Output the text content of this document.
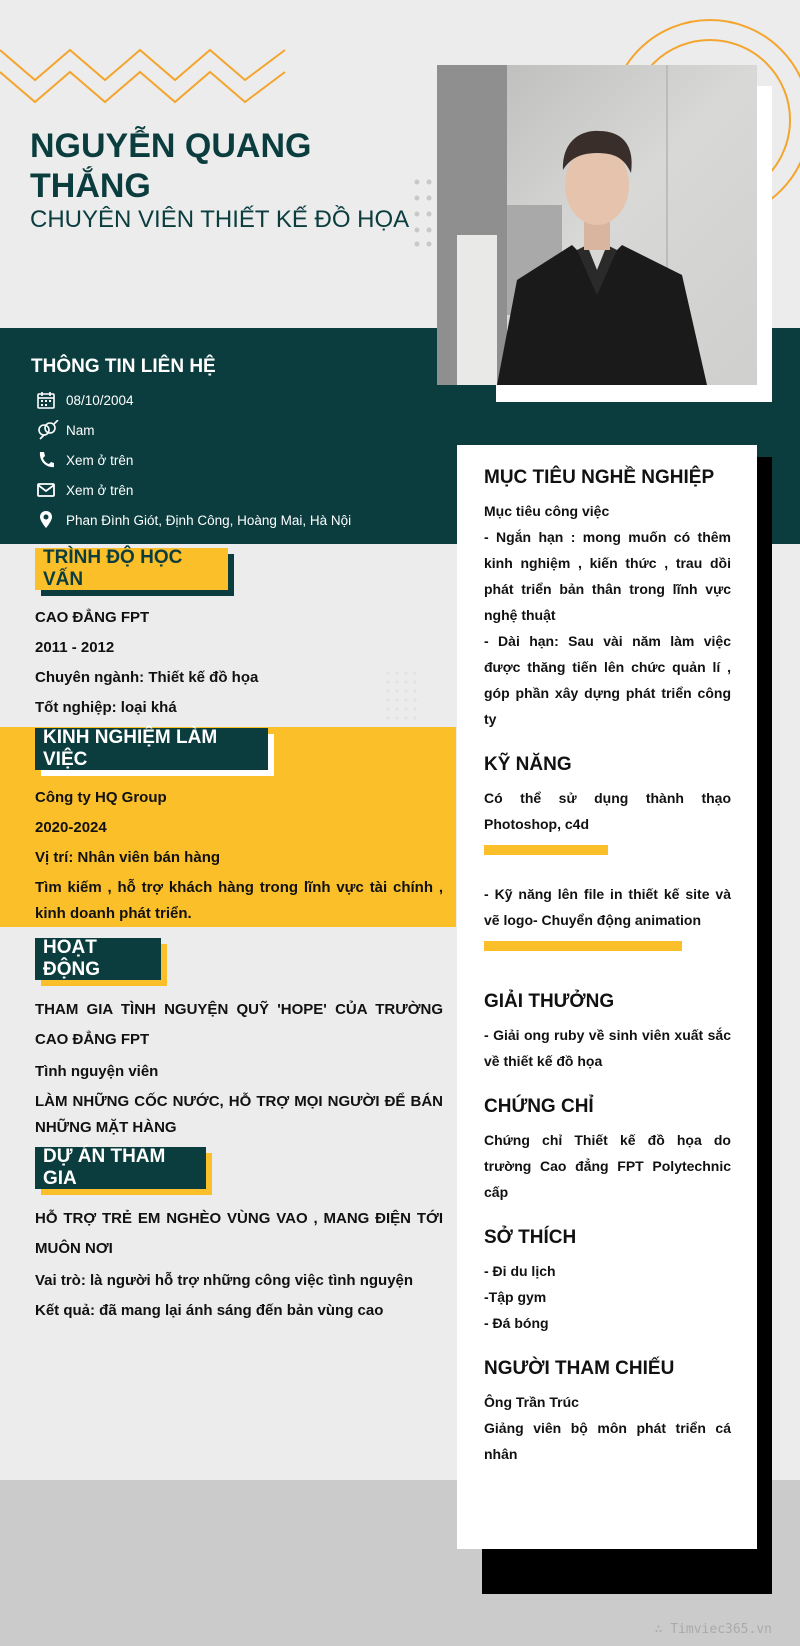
NGUYỄN QUANG THẮNG
CHUYÊN VIÊN THIẾT KẾ ĐỒ HỌA
THÔNG TIN LIÊN HỆ
08/10/2004
Nam
Xem ở trên
Xem ở trên
Phan Đình Giót, Định Công, Hoàng Mai, Hà Nội
TRÌNH ĐỘ HỌC VẤN
CAO ĐẲNG FPT
2011 - 2012
Chuyên ngành: Thiết kế đồ họa
Tốt nghiệp: loại khá
KINH NGHIỆM LÀM VIỆC
Công ty HQ Group
2020-2024
Vị trí: Nhân viên bán hàng
Tìm kiếm , hỗ trợ khách hàng trong lĩnh vực tài chính , kinh doanh phát triển.
HOẠT ĐỘNG
THAM GIA TÌNH NGUYỆN QUỸ 'HOPE' CỦA TRƯỜNG CAO ĐẲNG FPT
Tình nguyện viên
LÀM NHỮNG CỐC NƯỚC, HỖ TRỢ MỌI NGƯỜI ĐỂ BÁN NHỮNG MẶT HÀNG
DỰ ÁN THAM GIA
HỖ TRỢ TRẺ EM NGHÈO VÙNG VAO , MANG ĐIỆN TỚI MUÔN NƠI
Vai trò: là người hỗ trợ những công việc tình nguyện
Kết quả: đã mang lại ánh sáng đến bản vùng cao
MỤC TIÊU NGHỀ NGHIỆP
Mục tiêu công việc
- Ngắn hạn : mong muốn có thêm kinh nghiệm , kiến thức , trau dồi phát triển bản thân trong lĩnh vực nghệ thuật
- Dài hạn: Sau vài năm làm việc được thăng tiến lên chức quản lí , góp phần xây dựng phát triển công ty
KỸ NĂNG
Có thể sử dụng thành thạo Photoshop, c4d
- Kỹ năng lên file in thiết kế site và vẽ logo- Chuyển động animation
GIẢI THƯỞNG
- Giải ong ruby về sinh viên xuất sắc về thiết kế đồ họa
CHỨNG CHỈ
Chứng chỉ Thiết kế đồ họa do trường Cao đẳng FPT Polytechnic cấp
SỞ THÍCH
- Đi du lịch
-Tập gym
- Đá bóng
NGƯỜI THAM CHIẾU
Ông Trần Trúc
Giảng viên bộ môn phát triển cá nhân
∴ Timviec365.vn
